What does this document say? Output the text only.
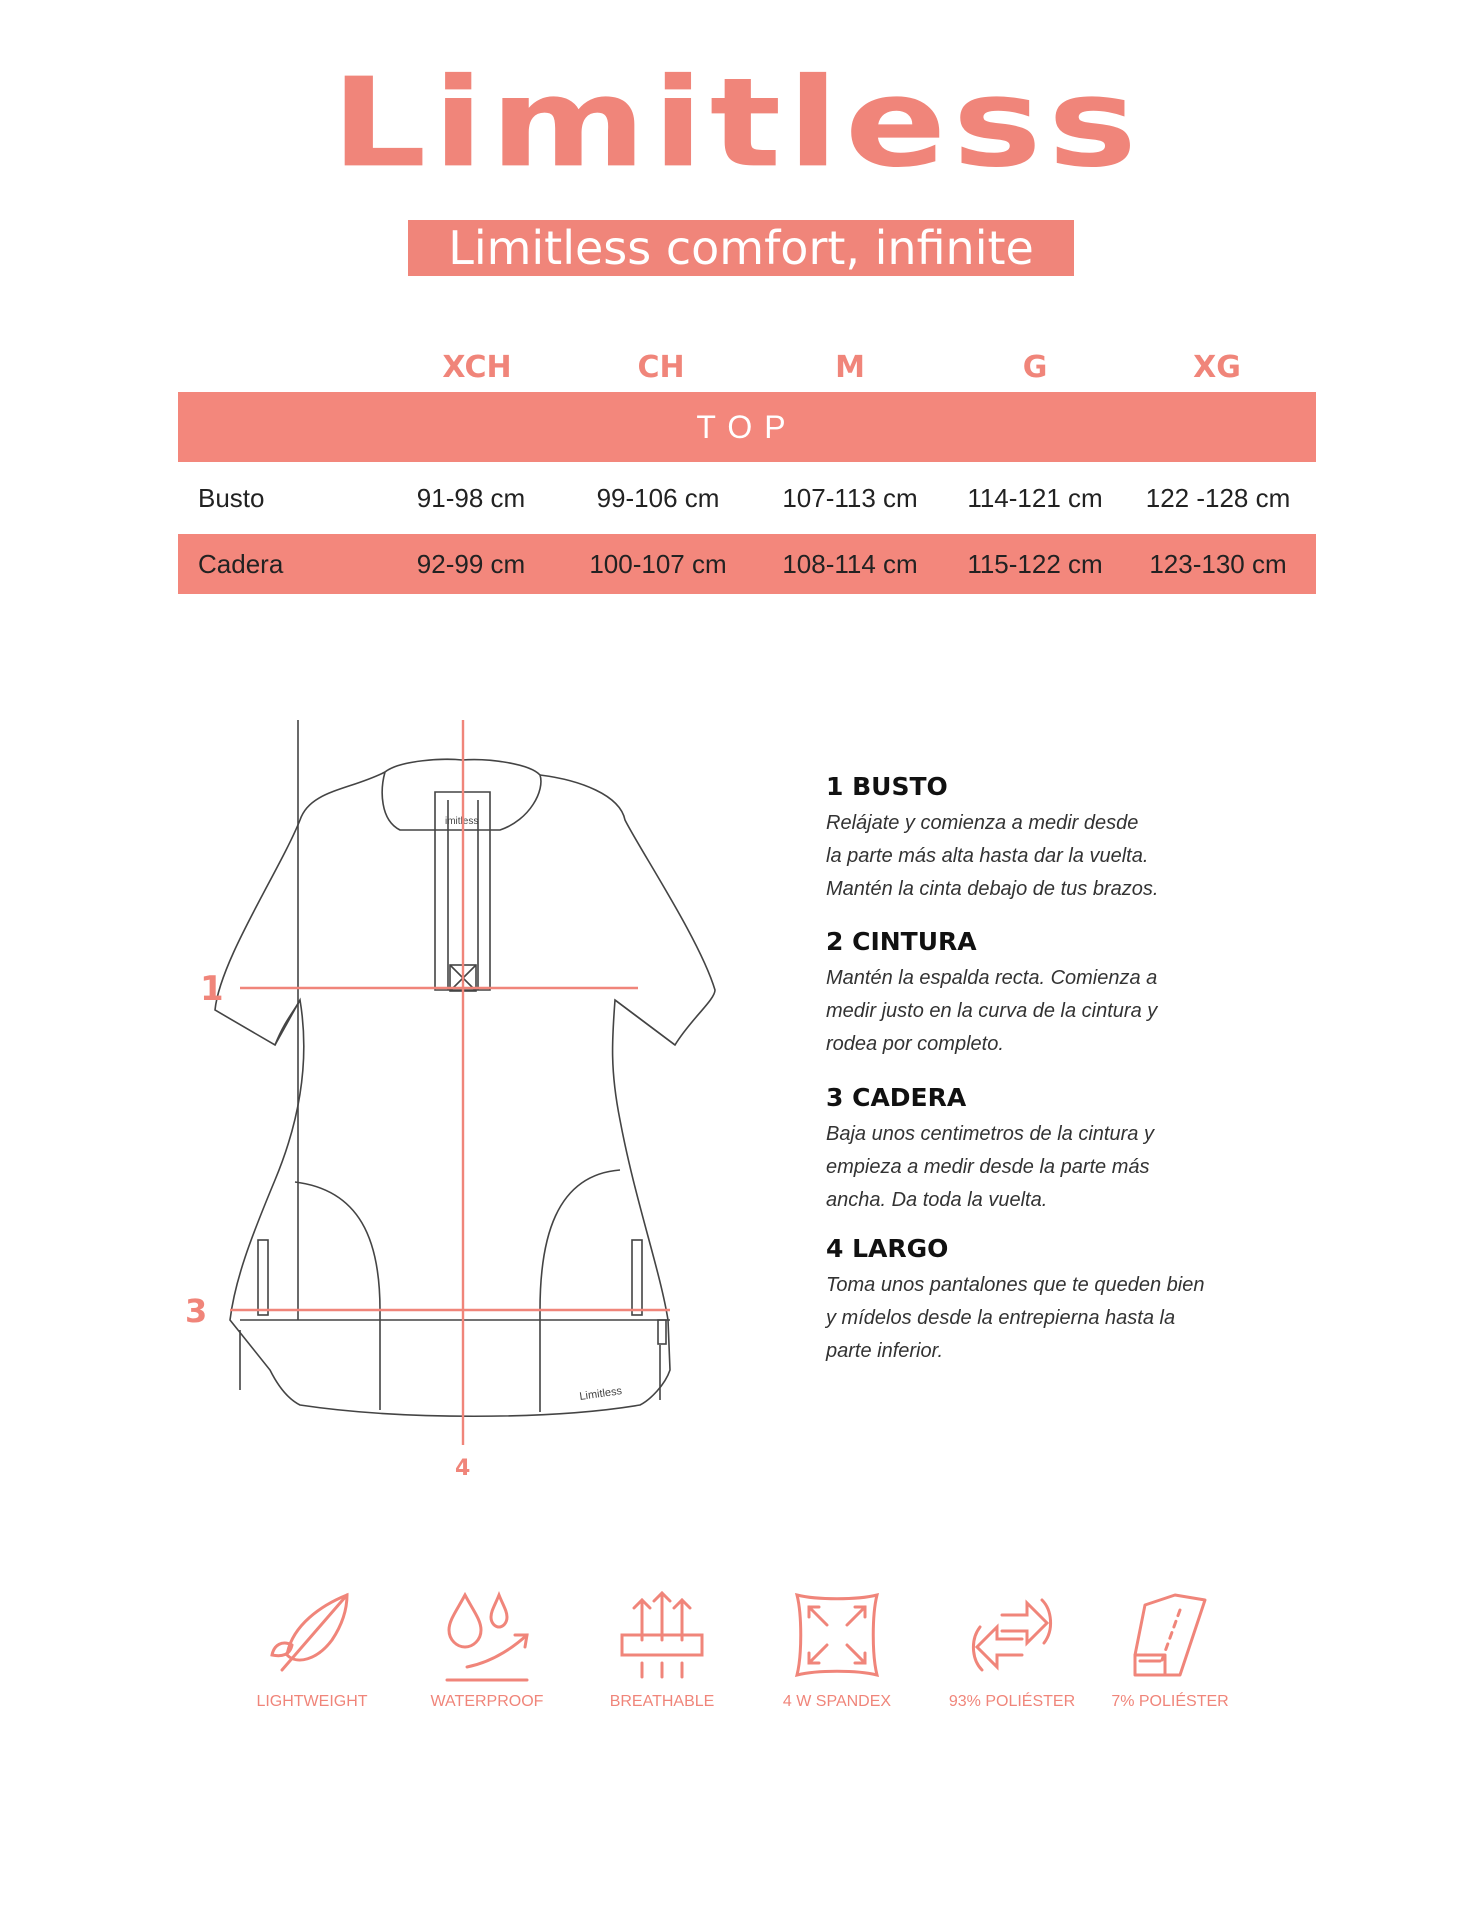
Limitless
Limitless comfort, infinite care
XCH	CH	M	G	XG
TOP
Busto	91-98 cm	99-106 cm	107-113 cm	114-121 cm	122 -128 cm
Cadera	92-99 cm	100-107 cm	108-114 cm	115-122 cm	123-130 cm
imitless
Limitless
1
3
4
1 BUSTO

Relájate y comienza a medir desde
la parte más alta hasta dar la vuelta.
Mantén la cinta debajo de tus brazos.

2 CINTURA

Mantén la espalda recta. Comienza a
medir justo en la curva de la cintura y
rodea por completo.

3 CADERA

Baja unos centimetros de la cintura y
empieza a medir desde la parte más
ancha. Da toda la vuelta.

4 LARGO

Toma unos pantalones que te queden bien
y mídelos desde la entrepierna hasta la
parte inferior.

LIGHTWEIGHT	WATERPROOF	BREATHABLE	4 W SPANDEX	93% POLIÉSTER	7% POLIÉSTER
